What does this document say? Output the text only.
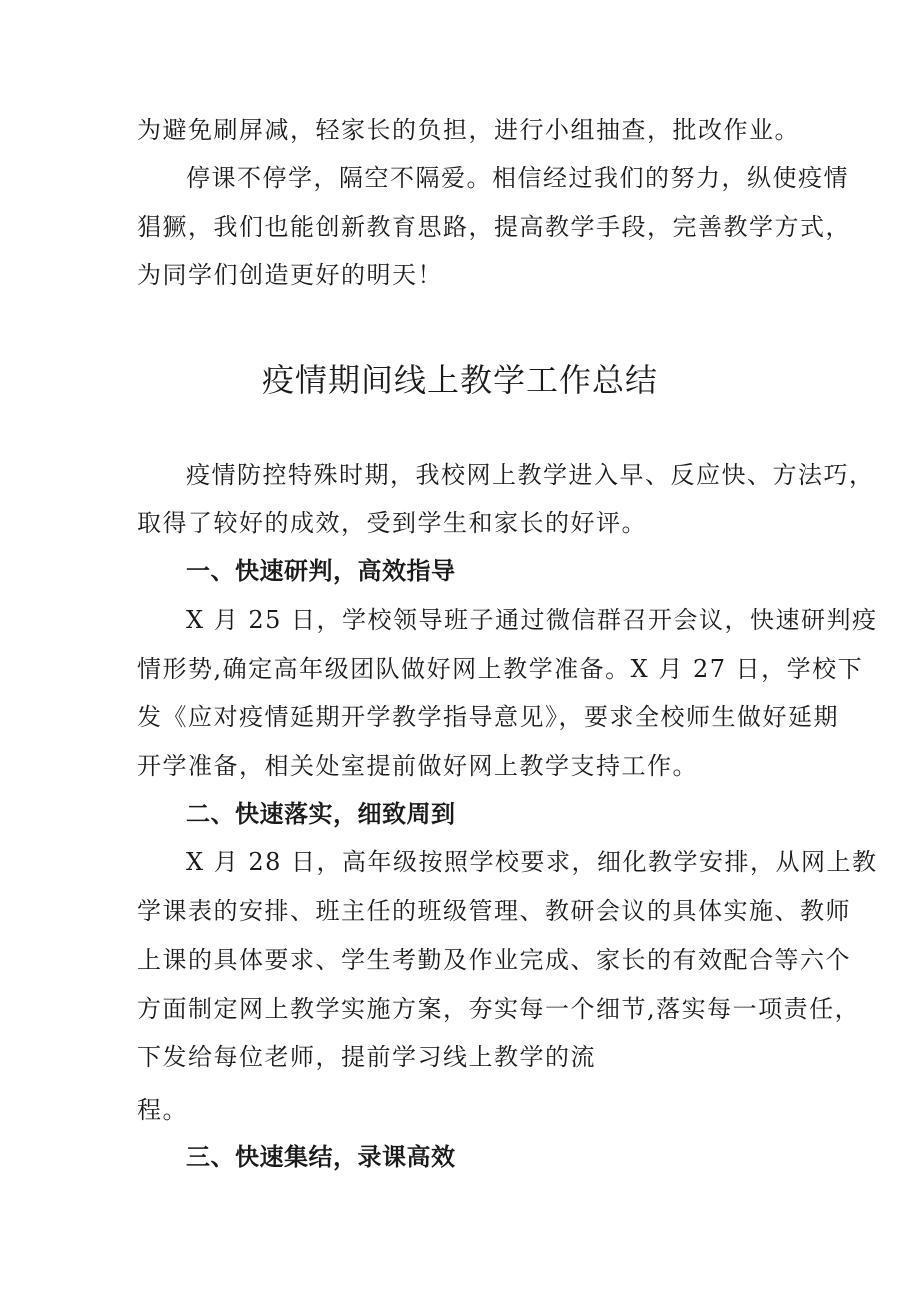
为避免刷屏减，轻家长的负担，进行小组抽查，批改作业。
停课不停学，隔空不隔爱。相信经过我们的努力，纵使疫情
猖獗，我们也能创新教育思路，提高教学手段，完善教学方式，
为同学们创造更好的明天！
疫情期间线上教学工作总结
疫情防控特殊时期，我校网上教学进入早、反应快、方法巧，
取得了较好的成效，受到学生和家长的好评。
一、快速研判，高效指导
X 月 25 日，学校领导班子通过微信群召开会议，快速研判疫
情形势,确定高年级团队做好网上教学准备。X 月 27 日，学校下
发《应对疫情延期开学教学指导意见》，要求全校师生做好延期
开学准备，相关处室提前做好网上教学支持工作。
二、快速落实，细致周到
X 月 28 日，高年级按照学校要求，细化教学安排，从网上教
学课表的安排、班主任的班级管理、教研会议的具体实施、教师
上课的具体要求、学生考勤及作业完成、家长的有效配合等六个
方面制定网上教学实施方案，夯实每一个细节,落实每一项责任，
下发给每位老师，提前学习线上教学的流
程。
三、快速集结，录课高效
